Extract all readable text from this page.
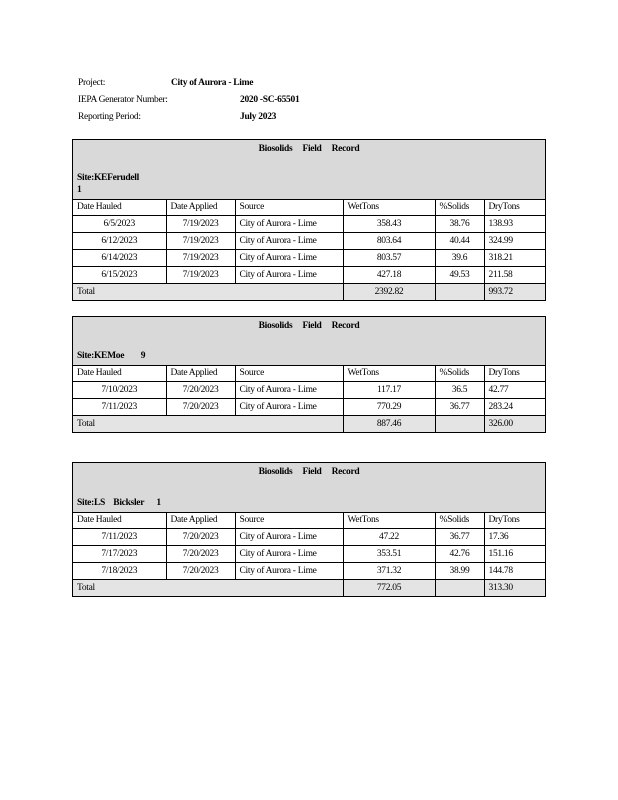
Project:	City of Aurora - Lime
IEPA Generator Number:	2020 -SC-65501
Reporting Period:	July 2023
Biosolids Field Record
Site:KEFerudell
1
Date Hauled	Date Applied	Source	WetTons	%Solids	DryTons
6/5/2023	7/19/2023	City of Aurora - Lime	358.43	38.76	138.93
6/12/2023	7/19/2023	City of Aurora - Lime	803.64	40.44	324.99
6/14/2023	7/19/2023	City of Aurora - Lime	803.57	39.6	318.21
6/15/2023	7/19/2023	City of Aurora - Lime	427.18	49.53	211.58
Total			2392.82		993.72
Biosolids Field Record
Site:KEMoe        9
Date Hauled	Date Applied	Source	WetTons	%Solids	DryTons
7/10/2023	7/20/2023	City of Aurora - Lime	117.17	36.5	42.77
7/11/2023	7/20/2023	City of Aurora - Lime	770.29	36.77	283.24
Total			887.46		326.00
Biosolids Field Record
Site:LS    Bicksler      1
Date Hauled	Date Applied	Source	WetTons	%Solids	DryTons
7/11/2023	7/20/2023	City of Aurora - Lime	47.22	36.77	17.36
7/17/2023	7/20/2023	City of Aurora - Lime	353.51	42.76	151.16
7/18/2023	7/20/2023	City of Aurora - Lime	371.32	38.99	144.78
Total			772.05		313.30
